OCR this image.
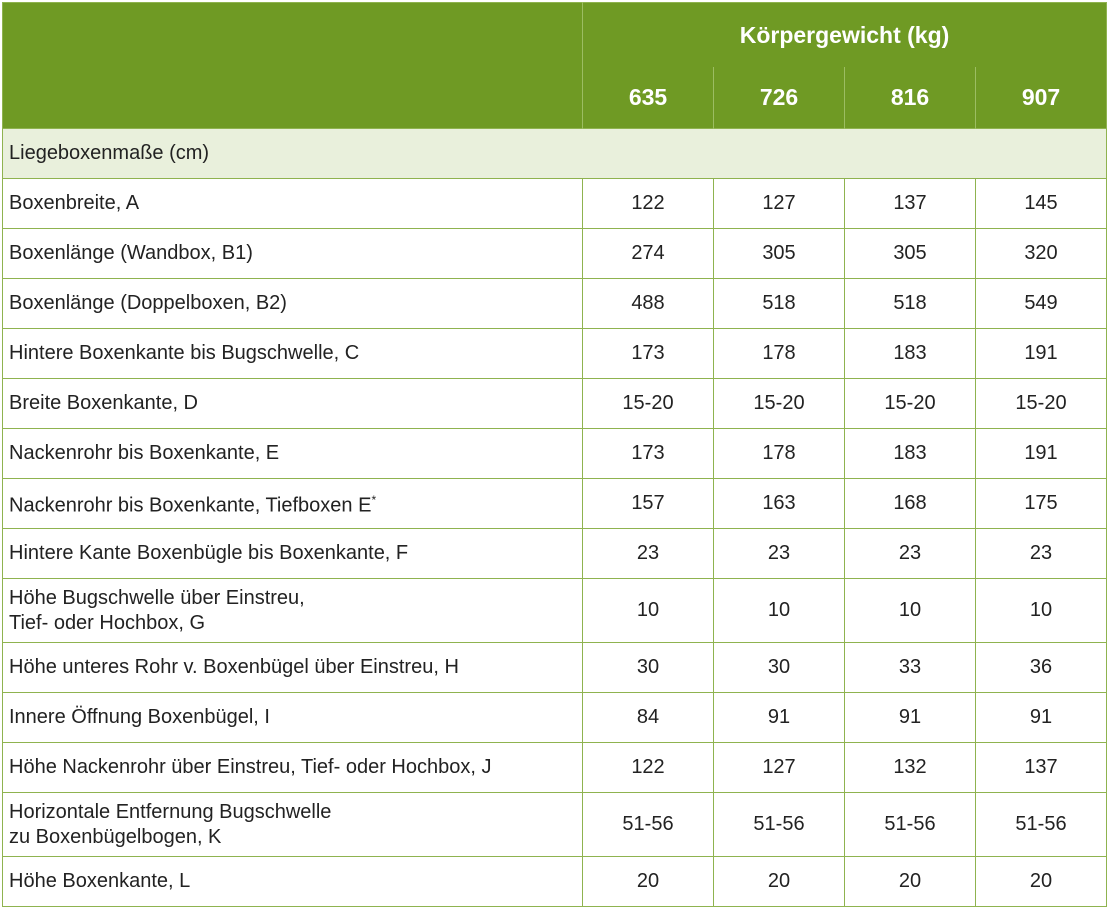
	Körpergewicht (kg)			
	635	726	816	907
Liegeboxenmaße (cm)				
Boxenbreite, A	122	127	137	145
Boxenlänge (Wandbox, B1)	274	305	305	320
Boxenlänge (Doppelboxen, B2)	488	518	518	549
Hintere Boxenkante bis Bugschwelle, C	173	178	183	191
Breite Boxenkante, D	15-20	15-20	15-20	15-20
Nackenrohr bis Boxenkante, E	173	178	183	191
Nackenrohr bis Boxenkante, Tiefboxen E*	157	163	168	175
Hintere Kante Boxenbügle bis Boxenkante, F	23	23	23	23
Höhe Bugschwelle über Einstreu,
Tief- oder Hochbox, G	10	10	10	10
Höhe unteres Rohr v. Boxenbügel über Einstreu, H	30	30	33	36
Innere Öffnung Boxenbügel, I	84	91	91	91
Höhe Nackenrohr über Einstreu, Tief- oder Hochbox, J	122	127	132	137
Horizontale Entfernung Bugschwelle
zu Boxenbügelbogen, K	51-56	51-56	51-56	51-56
Höhe Boxenkante, L	20	20	20	20
